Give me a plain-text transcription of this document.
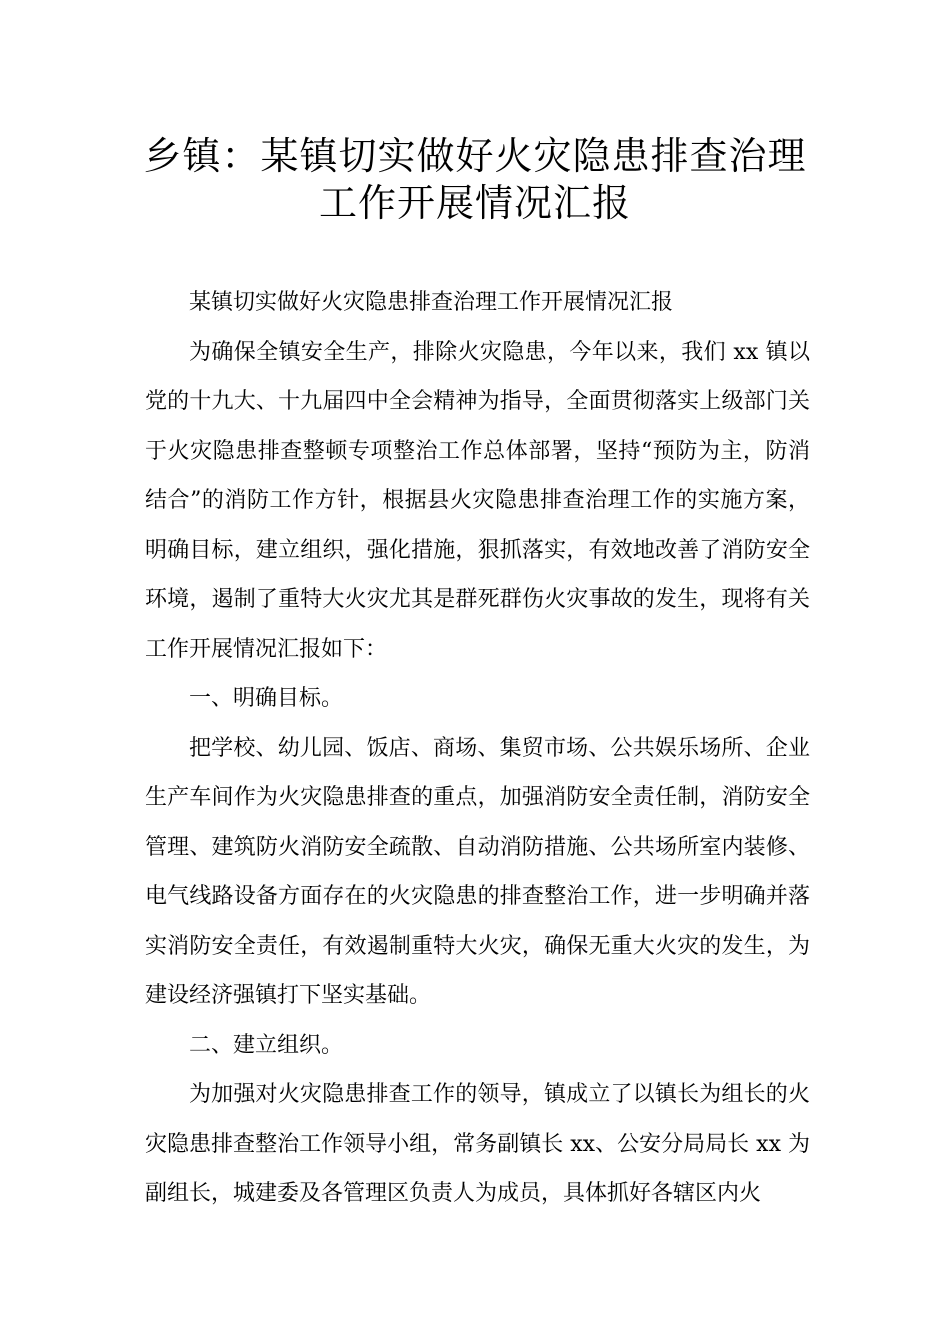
乡镇：某镇切实做好火灾隐患排查治理
工作开展情况汇报

某镇切实做好火灾隐患排查治理工作开展情况汇报

为确保全镇安全生产，排除火灾隐患，今年以来，我们 xx 镇以党的十九大、十九届四中全会精神为指导，全面贯彻落实上级部门关于火灾隐患排查整顿专项整治工作总体部署，坚持“预防为主，防消结合”的消防工作方针，根据县火灾隐患排查治理工作的实施方案，明确目标，建立组织，强化措施，狠抓落实，有效地改善了消防安全环境，遏制了重特大火灾尤其是群死群伤火灾事故的发生，现将有关工作开展情况汇报如下：

一、明确目标。

把学校、幼儿园、饭店、商场、集贸市场、公共娱乐场所、企业生产车间作为火灾隐患排查的重点，加强消防安全责任制，消防安全管理、建筑防火消防安全疏散、自动消防措施、公共场所室内装修、电气线路设备方面存在的火灾隐患的排查整治工作，进一步明确并落实消防安全责任，有效遏制重特大火灾，确保无重大火灾的发生，为建设经济强镇打下坚实基础。

二、建立组织。

为加强对火灾隐患排查工作的领导，镇成立了以镇长为组长的火灾隐患排查整治工作领导小组，常务副镇长 xx、公安分局局长 xx 为副组长，城建委及各管理区负责人为成员，具体抓好各辖区内火
